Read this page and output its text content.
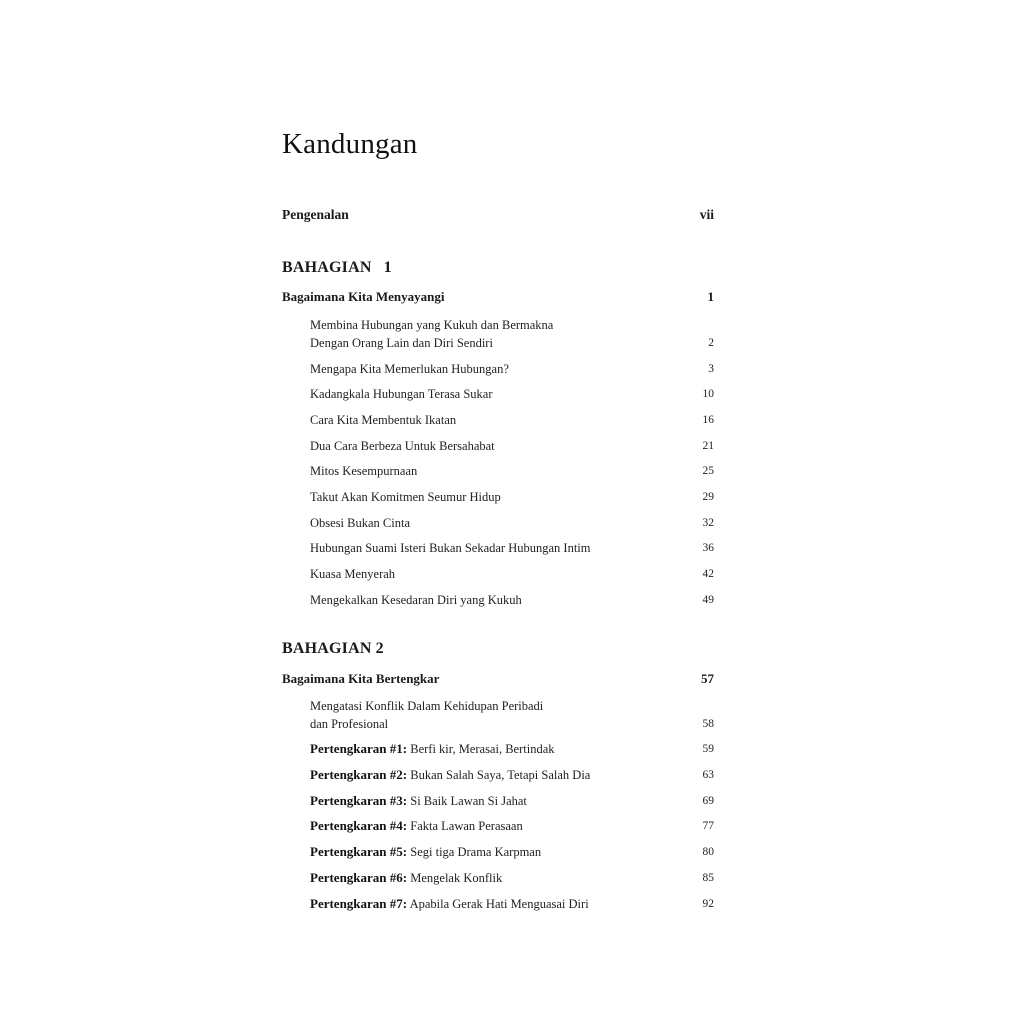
Kandungan
Pengenalan	vii
BAHAGIAN 1
Bagaimana Kita Menyayangi	1
Membina Hubungan yang Kukuh dan Bermakna
Dengan Orang Lain dan Diri Sendiri	2
Mengapa Kita Memerlukan Hubungan?	3
Kadangkala Hubungan Terasa Sukar	10
Cara Kita Membentuk Ikatan	16
Dua Cara Berbeza Untuk Bersahabat	21
Mitos Kesempurnaan	25
Takut Akan Komitmen Seumur Hidup	29
Obsesi Bukan Cinta	32
Hubungan Suami Isteri Bukan Sekadar Hubungan Intim	36
Kuasa Menyerah	42
Mengekalkan Kesedaran Diri yang Kukuh	49
BAHAGIAN 2
Bagaimana Kita Bertengkar	57
Mengatasi Konflik Dalam Kehidupan Peribadi
dan Profesional	58
Pertengkaran #1: Berfi kir, Merasai, Bertindak	59
Pertengkaran #2: Bukan Salah Saya, Tetapi Salah Dia	63
Pertengkaran #3: Si Baik Lawan Si Jahat	69
Pertengkaran #4: Fakta Lawan Perasaan	77
Pertengkaran #5: Segi tiga Drama Karpman	80
Pertengkaran #6: Mengelak Konflik	85
Pertengkaran #7: Apabila Gerak Hati Menguasai Diri	92
